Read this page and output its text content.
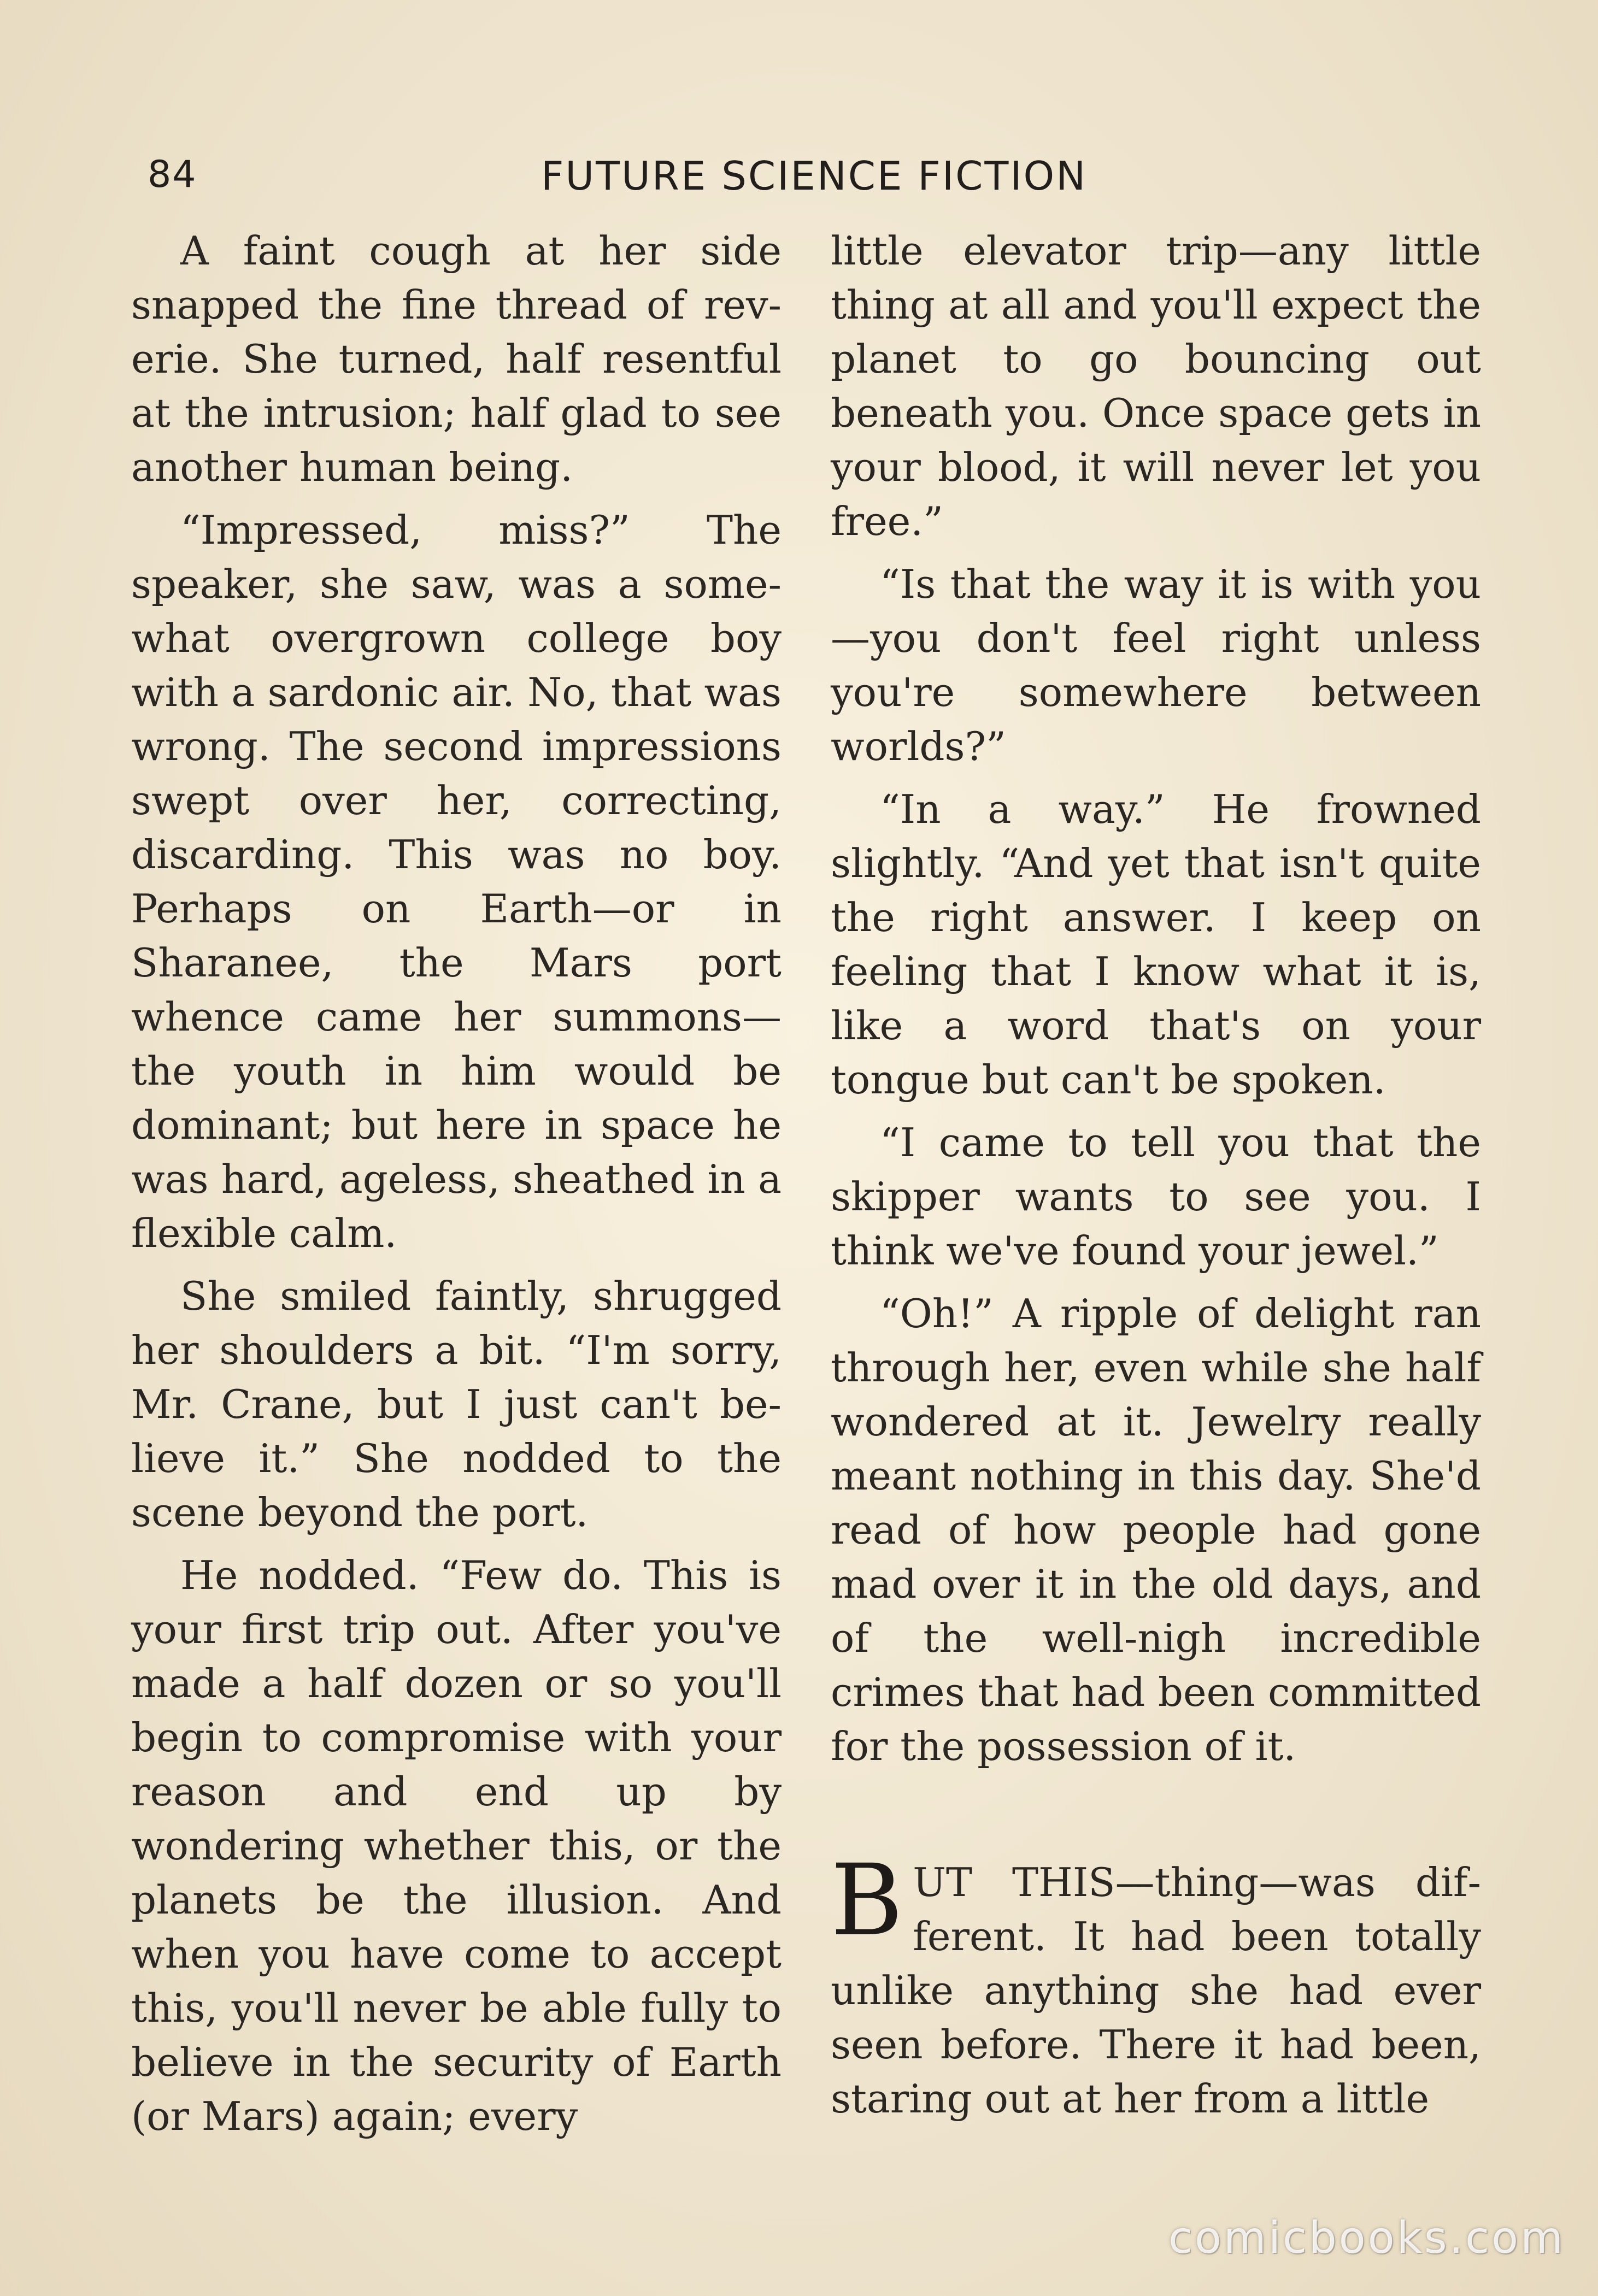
84	FUTURE SCIENCE FICTION

A faint cough at her side snapped the fine thread of reverie. She turned, half resentful at the intrusion; half glad to see another human being.

“Impressed, miss?” The speaker, she saw, was a somewhat overgrown college boy with a sardonic air. No, that was wrong. The second impressions swept over her, correcting, discarding. This was no boy. Perhaps on Earth—or in Sharanee, the Mars port whence came her summons—the youth in him would be dominant; but here in space he was hard, ageless, sheathed in a flexible calm.

She smiled faintly, shrugged her shoulders a bit. “I'm sorry, Mr. Crane, but I just can't believe it.” She nodded to the scene beyond the port.

He nodded. “Few do. This is your first trip out. After you've made a half dozen or so you'll begin to compromise with your reason and end up by wondering whether this, or the planets be the illusion. And when you have come to accept this, you'll never be able fully to believe in the security of Earth (or Mars) again; every

little elevator trip—any little thing at all and you'll expect the planet to go bouncing out beneath you. Once space gets in your blood, it will never let you free.”

“Is that the way it is with you—you don't feel right unless you're somewhere between worlds?”

“In a way.” He frowned slightly. “And yet that isn't quite the right answer. I keep on feeling that I know what it is, like a word that's on your tongue but can't be spoken.

“I came to tell you that the skipper wants to see you. I think we've found your jewel.”

“Oh!” A ripple of delight ran through her, even while she half wondered at it. Jewelry really meant nothing in this day. She'd read of how people had gone mad over it in the old days, and of the well-nigh incredible crimes that had been committed for the possession of it.

BUT THIS—thing—was different. It had been totally unlike anything she had ever seen before. There it had been, staring out at her from a little

comicbooks.com
